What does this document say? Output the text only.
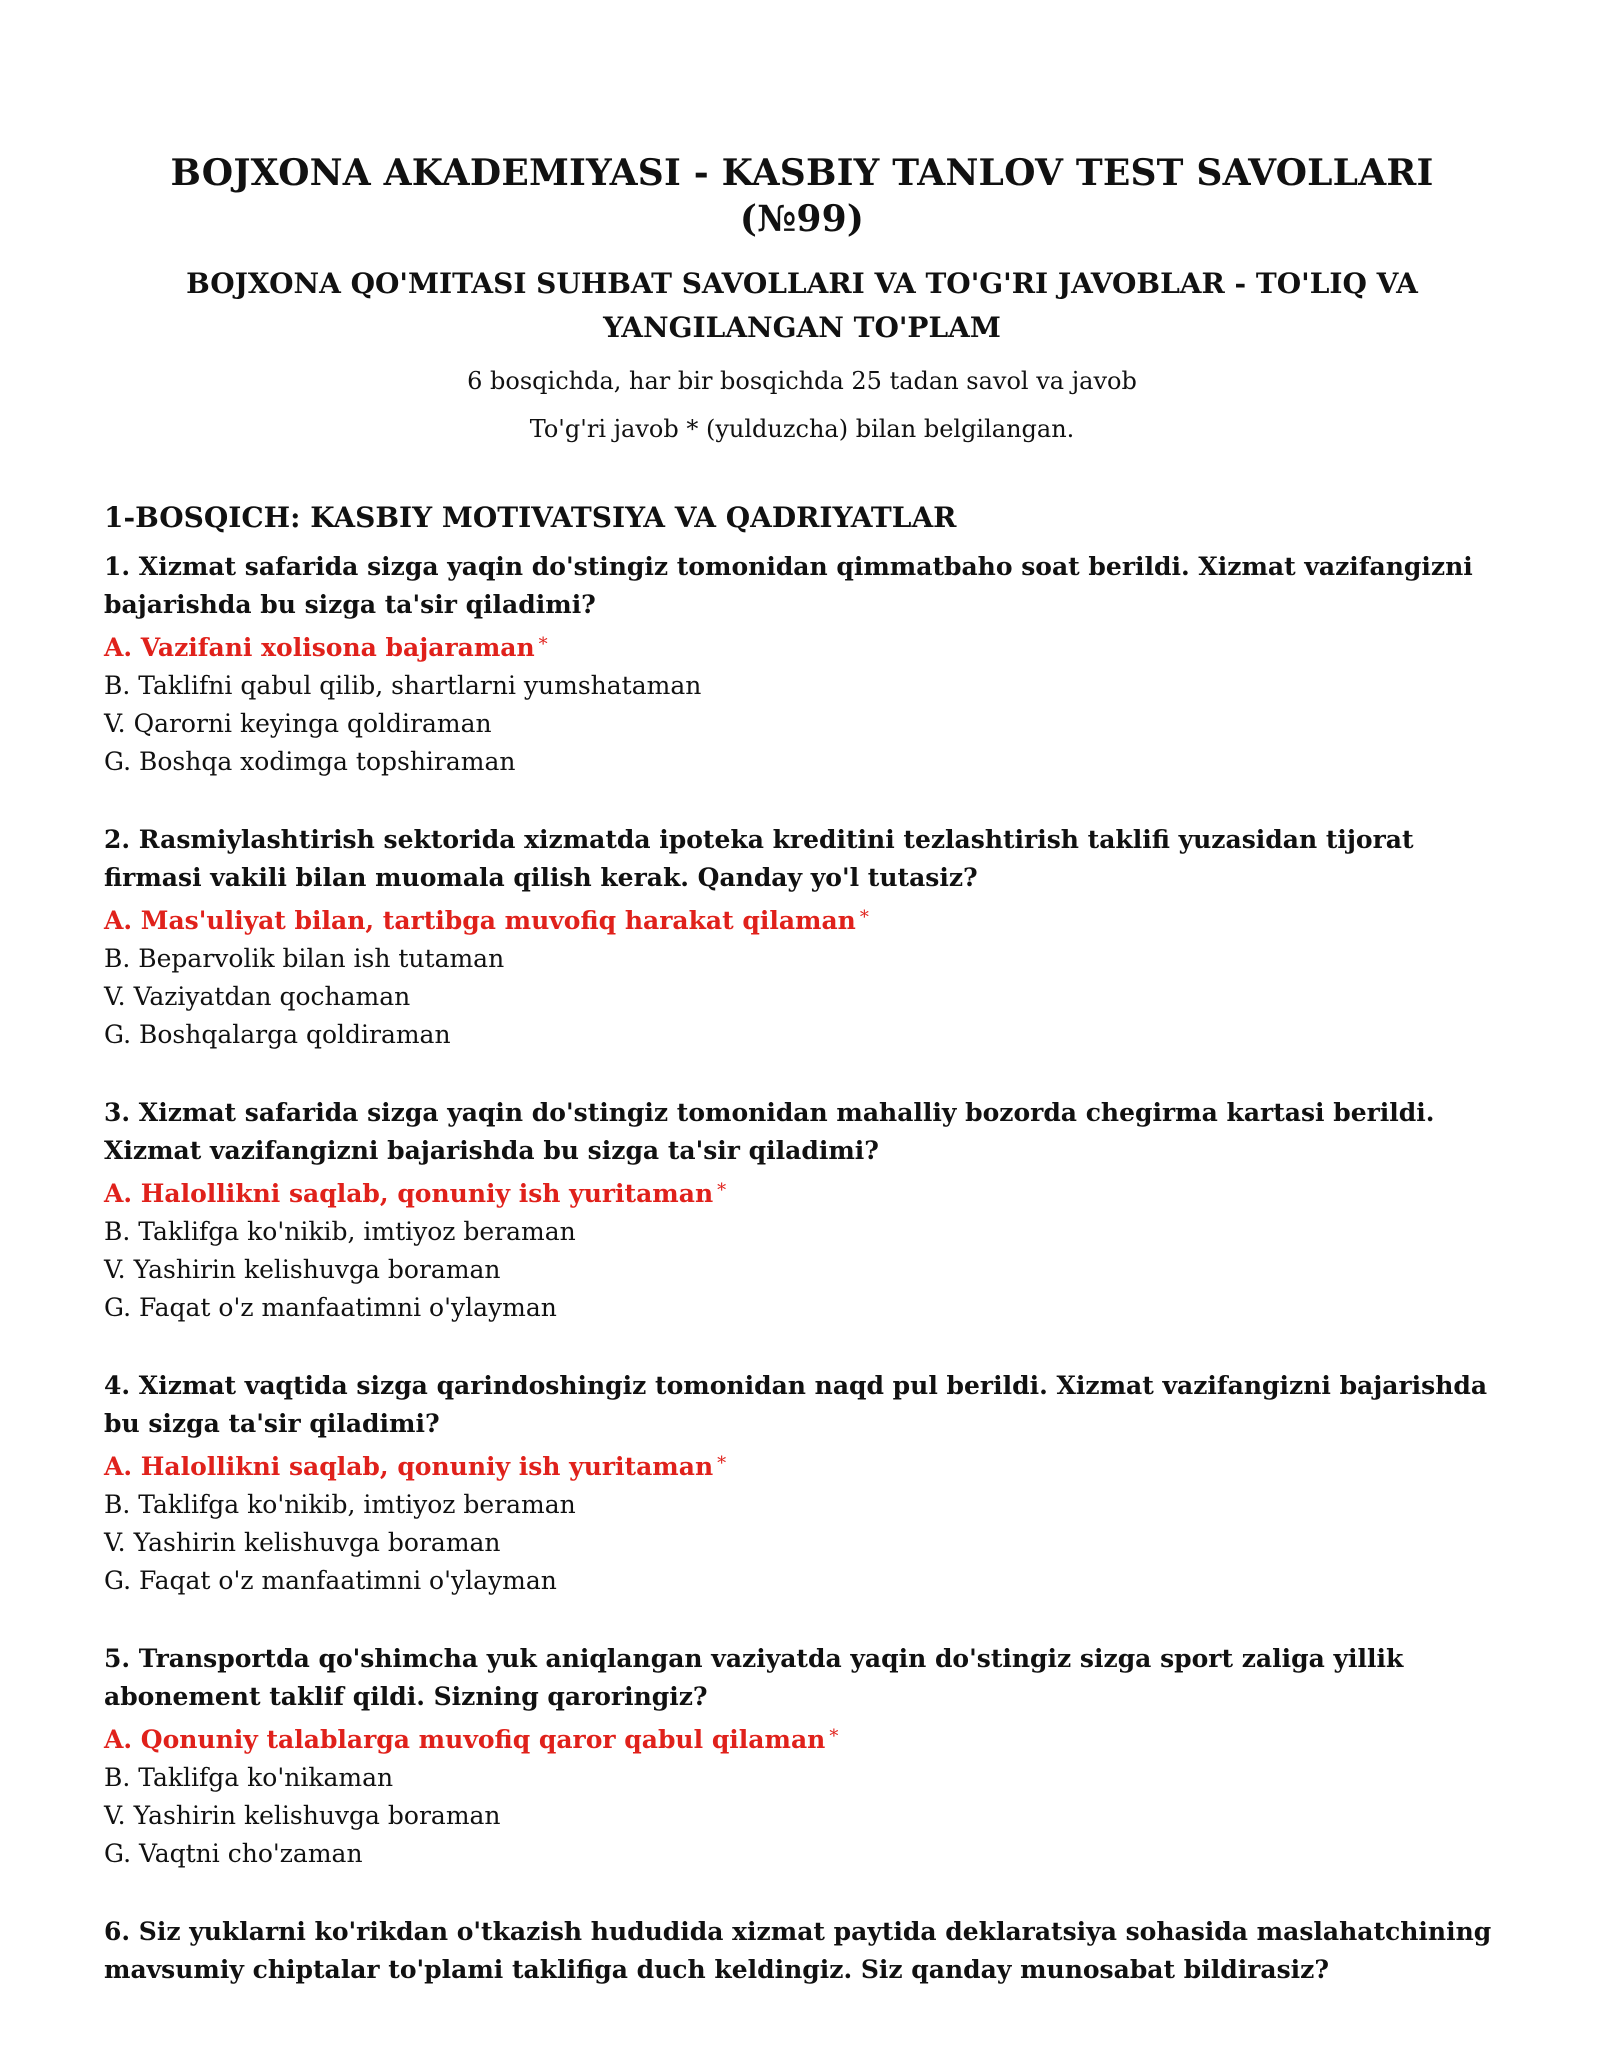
BOJXONA AKADEMIYASI - KASBIY TANLOV TEST SAVOLLARI (№99)
BOJXONA QO'MITASI SUHBAT SAVOLLARI VA TO'G'RI JAVOBLAR - TO'LIQ VA YANGILANGAN TO'PLAM
6 bosqichda, har bir bosqichda 25 tadan savol va javob
To'g'ri javob * (yulduzcha) bilan belgilangan.
1-BOSQICH: KASBIY MOTIVATSIYA VA QADRIYATLAR
1. Xizmat safarida sizga yaqin do'stingiz tomonidan qimmatbaho soat berildi. Xizmat vazifangizni bajarishda bu sizga ta'sir qiladimi?
A. Vazifani xolisona bajaraman *
B. Taklifni qabul qilib, shartlarni yumshataman
V. Qarorni keyinga qoldiraman
G. Boshqa xodimga topshiraman
2. Rasmiylashtirish sektorida xizmatda ipoteka kreditini tezlashtirish taklifi yuzasidan tijorat firmasi vakili bilan muomala qilish kerak. Qanday yo'l tutasiz?
A. Mas'uliyat bilan, tartibga muvofiq harakat qilaman *
B. Beparvolik bilan ish tutaman
V. Vaziyatdan qochaman
G. Boshqalarga qoldiraman
3. Xizmat safarida sizga yaqin do'stingiz tomonidan mahalliy bozorda chegirma kartasi berildi. Xizmat vazifangizni bajarishda bu sizga ta'sir qiladimi?
A. Halollikni saqlab, qonuniy ish yuritaman *
B. Taklifga ko'nikib, imtiyoz beraman
V. Yashirin kelishuvga boraman
G. Faqat o'z manfaatimni o'ylayman
4. Xizmat vaqtida sizga qarindoshingiz tomonidan naqd pul berildi. Xizmat vazifangizni bajarishda bu sizga ta'sir qiladimi?
A. Halollikni saqlab, qonuniy ish yuritaman *
B. Taklifga ko'nikib, imtiyoz beraman
V. Yashirin kelishuvga boraman
G. Faqat o'z manfaatimni o'ylayman
5. Transportda qo'shimcha yuk aniqlangan vaziyatda yaqin do'stingiz sizga sport zaliga yillik abonement taklif qildi. Sizning qaroringiz?
A. Qonuniy talablarga muvofiq qaror qabul qilaman *
B. Taklifga ko'nikaman
V. Yashirin kelishuvga boraman
G. Vaqtni cho'zaman
6. Siz yuklarni ko'rikdan o'tkazish hududida xizmat paytida deklaratsiya sohasida maslahatchining mavsumiy chiptalar to'plami taklifiga duch keldingiz. Siz qanday munosabat bildirasiz?
